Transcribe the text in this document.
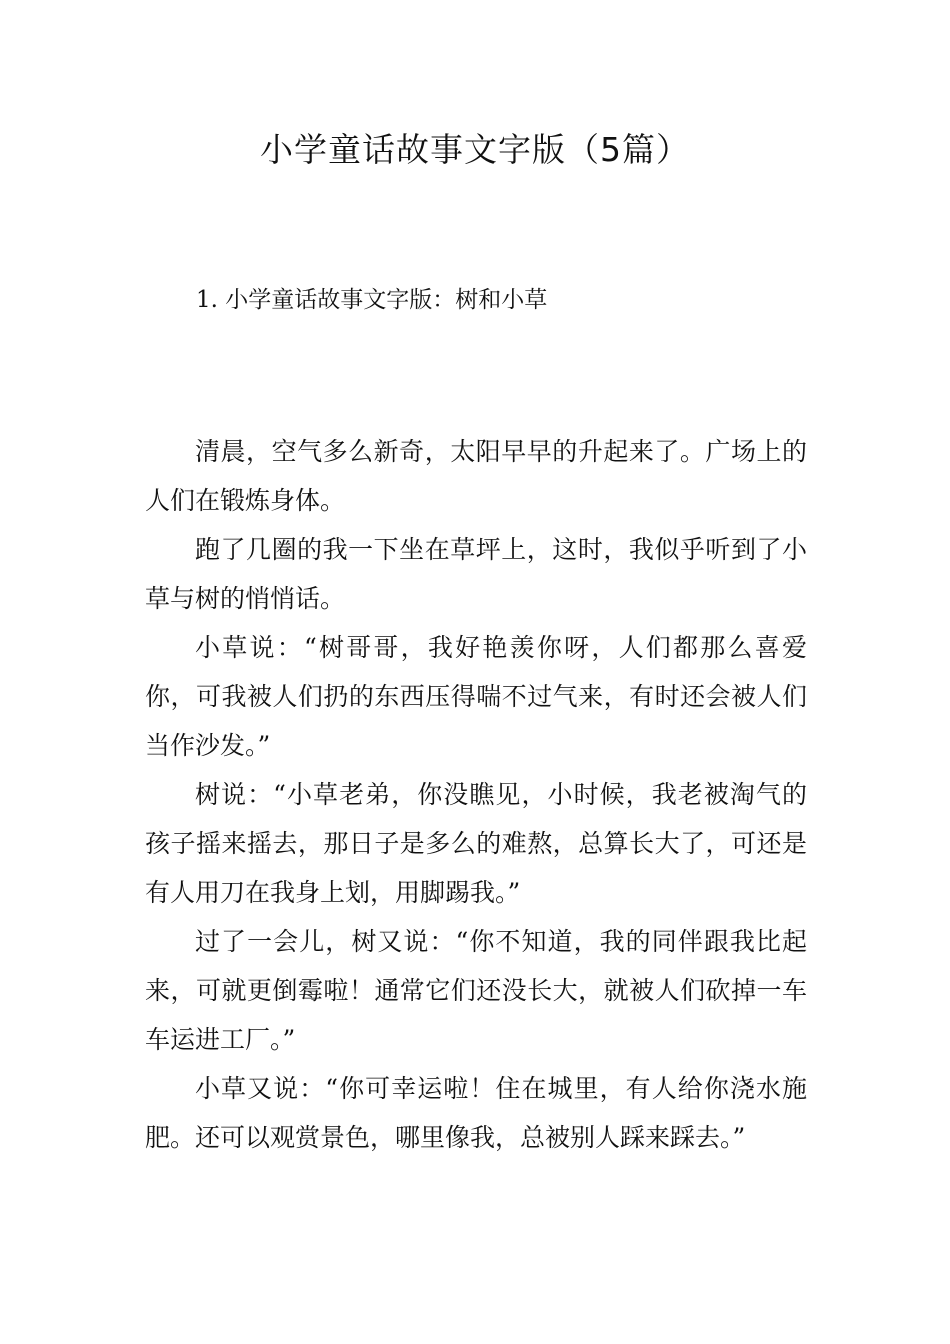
小学童话故事文字版（5篇）
1. 小学童话故事文字版：树和小草

清晨，空气多么新奇，太阳早早的升起来了。广场上的人们在锻炼身体。

跑了几圈的我一下坐在草坪上，这时，我似乎听到了小草与树的悄悄话。

小草说：“树哥哥，我好艳羡你呀，人们都那么喜爱你，可我被人们扔的东西压得喘不过气来，有时还会被人们当作沙发。”

树说：“小草老弟，你没瞧见，小时候，我老被淘气的孩子摇来摇去，那日子是多么的难熬，总算长大了，可还是有人用刀在我身上划，用脚踢我。”

过了一会儿，树又说：“你不知道，我的同伴跟我比起来，可就更倒霉啦！通常它们还没长大，就被人们砍掉一车车运进工厂。”

小草又说：“你可幸运啦！住在城里，有人给你浇水施肥。还可以观赏景色，哪里像我，总被别人踩来踩去。”
